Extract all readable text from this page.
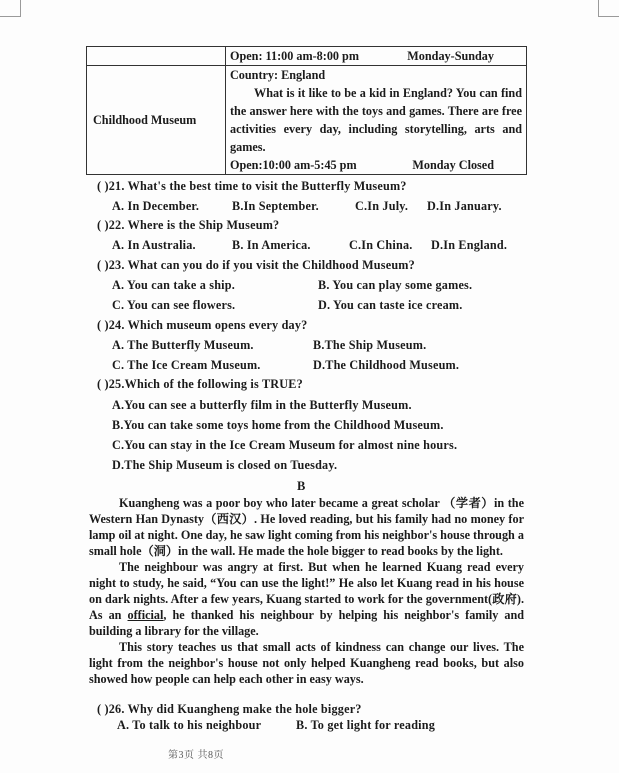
	Open: 11:00 am-8:00 pm Monday-Sunday

Childhood Museum	Country: England
What is it like to be a kid in England? You can find the answer here with the toys and games. There are free activities every day, including storytelling, arts and games.
Open:10:00 am-5:45 pm Monday Closed
( )21. What's the best time to visit the Butterfly Museum?
A. In December.	B.In September.	C.In July. D.In January.
( )22. Where is the Ship Museum?
A. In Australia.	B. In America.	C.In China. D.In England.
( )23. What can you do if you visit the Childhood Museum?
A. You can take a ship.	B. You can play some games.
C. You can see flowers.	D. You can taste ice cream.
( )24. Which museum opens every day?
A. The Butterfly Museum.	B.The Ship Museum.
C. The Ice Cream Museum.	D.The Childhood Museum.
( )25.Which of the following is TRUE?
A.You can see a butterfly film in the Butterfly Museum.
B.You can take some toys home from the Childhood Museum.
C.You can stay in the Ice Cream Museum for almost nine hours.
D.The Ship Museum is closed on Tuesday.
B

Kuangheng was a poor boy who later became a great scholar （学者）in the Western Han Dynasty（西汉）. He loved reading, but his family had no money for lamp oil at night. One day, he saw light coming from his neighbor's house through a small hole（洞）in the wall. He made the hole bigger to read books by the light.

The neighbour was angry at first. But when he learned Kuang read every night to study, he said, “You can use the light!” He also let Kuang read in his house on dark nights. After a few years, Kuang started to work for the government(政府). As an official, he thanked his neighbour by helping his neighbor's family and building a library for the village.

This story teaches us that small acts of kindness can change our lives. The light from the neighbor's house not only helped Kuangheng read books, but also showed how people can help each other in easy ways.

( )26. Why did Kuangheng make the hole bigger?
A. To talk to his neighbour	B. To get light for reading
第3页 共8页
